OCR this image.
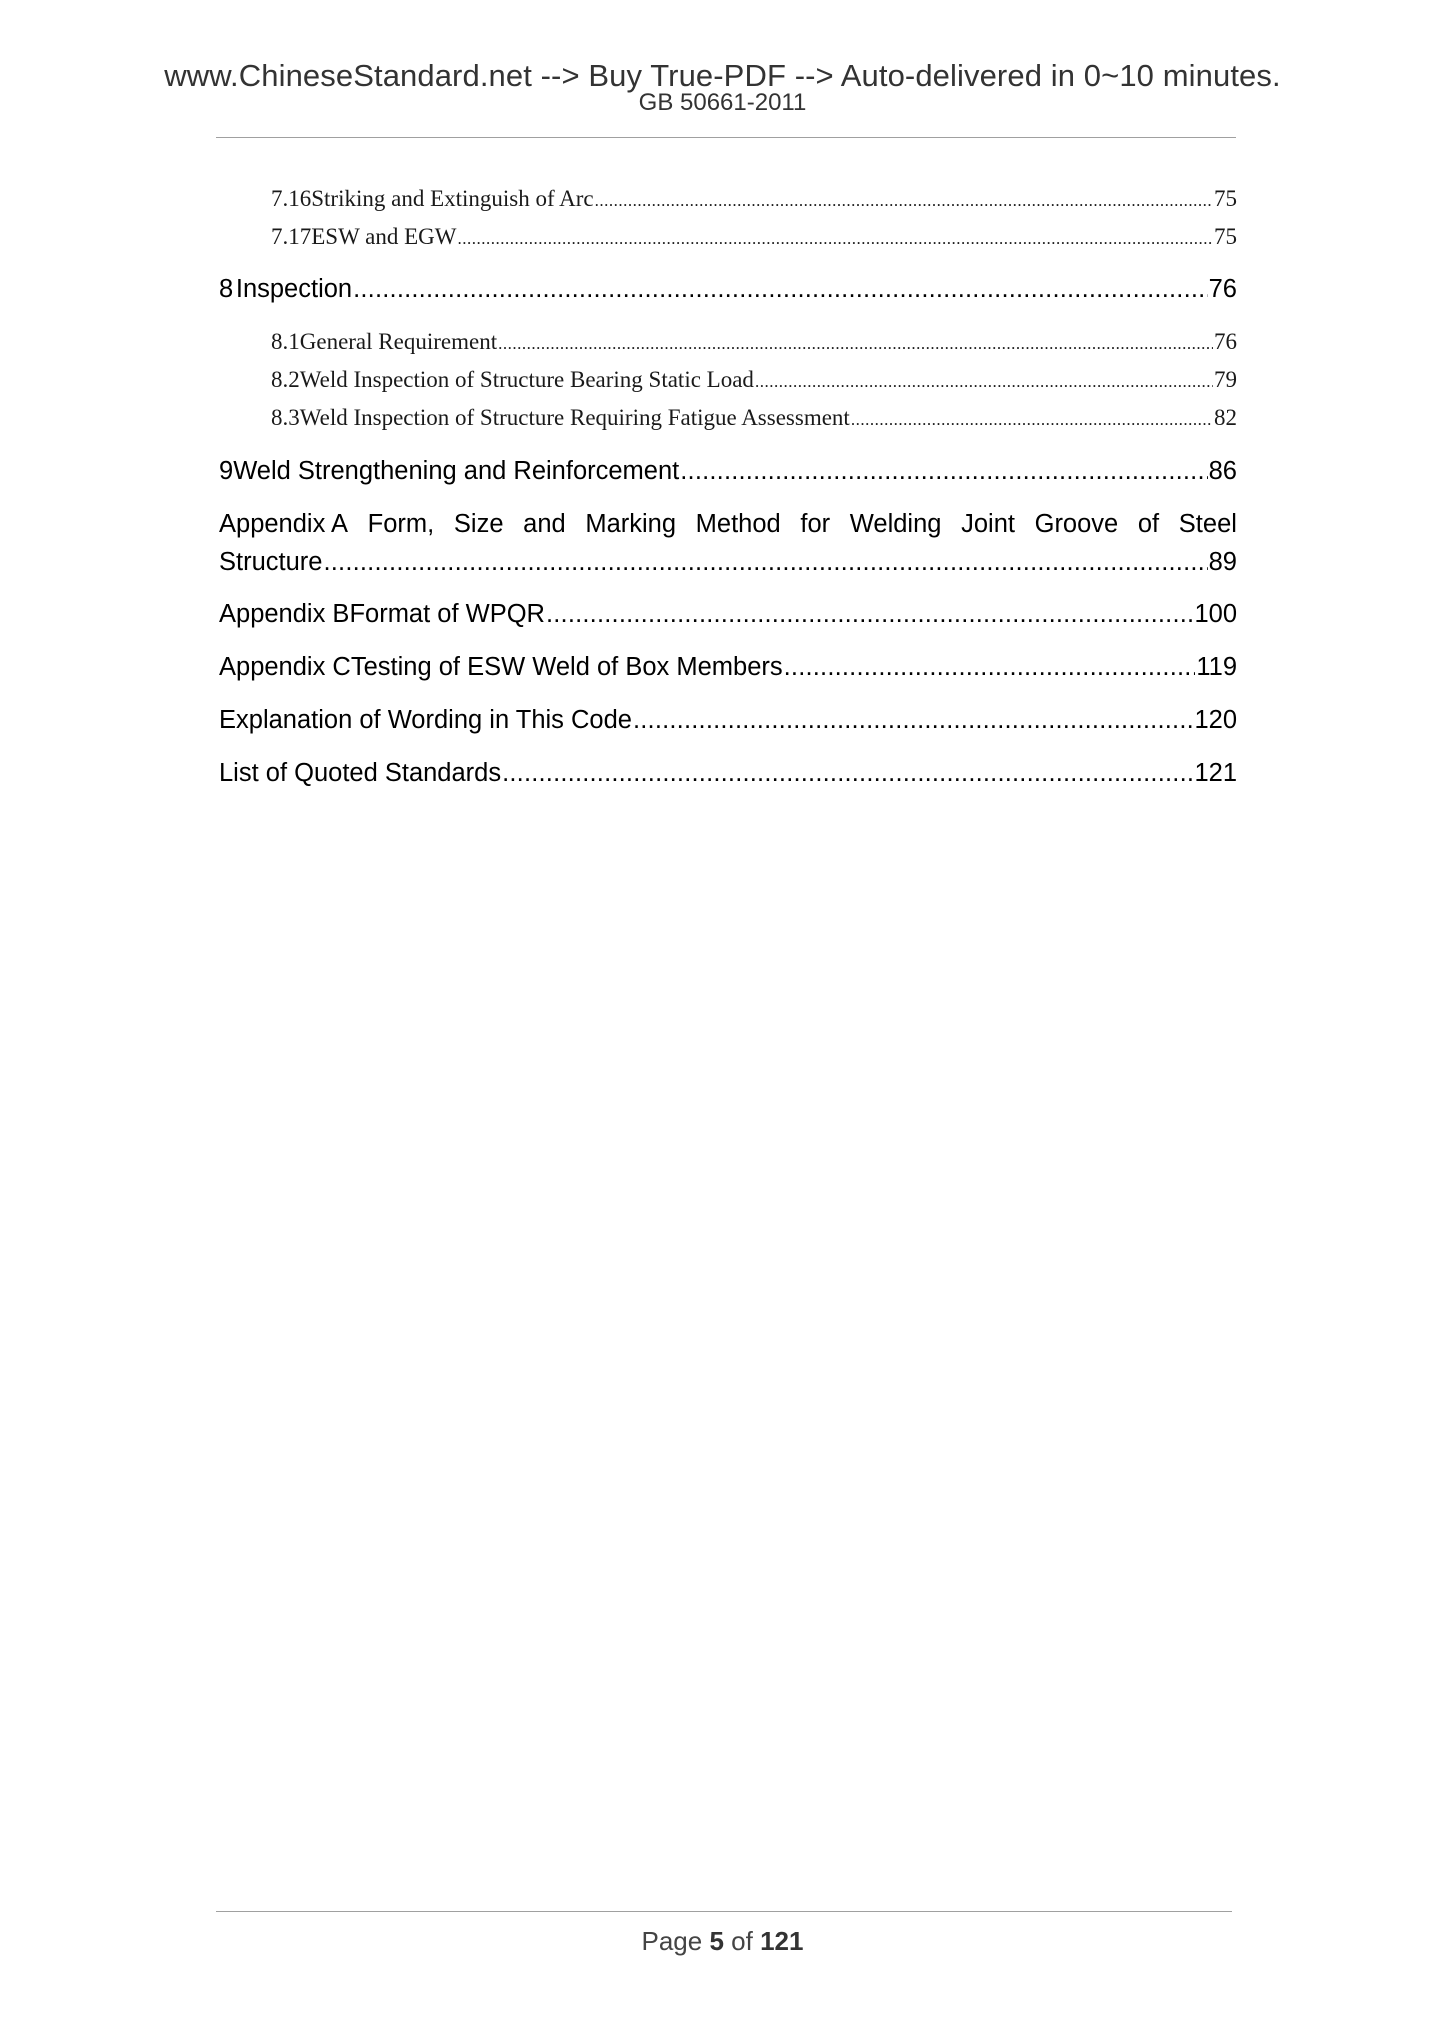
www.ChineseStandard.net --> Buy True-PDF --> Auto-delivered in 0~10 minutes.
GB 50661-2011
7.16 Striking and Extinguish of Arc .....	75
7.17 ESW and EGW .....	75
8 Inspection .....	76
8.1 General Requirement .....	76
8.2 Weld Inspection of Structure Bearing Static Load .....	79
8.3 Weld Inspection of Structure Requiring Fatigue Assessment .....	82
9 Weld Strengthening and Reinforcement .....	86
Appendix A Form, Size and Marking Method for Welding Joint Groove of Steel
Structure .....	89
Appendix B Format of WPQR .....	100
Appendix C Testing of ESW Weld of Box Members .....	119
Explanation of Wording in This Code .....	120
List of Quoted Standards .....	121
Page 5 of 121
